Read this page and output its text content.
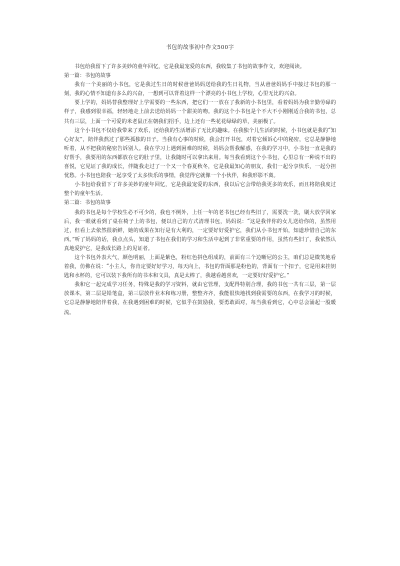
书包的故事初中作文500字

书包给我留下了许多美妙的童年回忆，它是我最宠爱的东西，我收集了书包的故事作文，欢迎阅读。

第一篇：书包的故事

我有一个美丽的小书包，它是我过生日的时候爸爸妈妈送给我的生日礼物，当从爸爸妈妈手中接过书包的那一刻，我的心情不知道有多么的兴奋，一想到可以背着这样一个漂亮的小书包上学校，心里无比的兴奋。

要上学的，妈妈替我整理好上学需要的一些东西，把它们一一放在了我新的小书包里，看着妈妈为我辛勤劳碌的样子，我感到很幸福，轻轻地走上前去送给妈妈一个甜美的吻。我的这个小书包是个不大不小刚刚适合我的书包，总共有三层，上面一个可爱的米老鼠正在朝我们招手，边上还有一些花花绿绿的草，美丽极了。

这个小书包不仅给我带来了欢乐，还给我的生活增添了无比的趣味。在我独个儿生活的时候，小书包就是我的“知心好友”，陪伴我熬过了那些孤独的日子。当我有心事的时候，我会打开书包，对着它倾诉心中的秘密，它总是静静地听着，从不把我的秘密告诉别人。我在学习上遇到困难的时候，妈妈会帮我解惑，在我的学习中，小书包一直是我的好帮手，我要用的东西都放在它的肚子里，让我随时可以拿出来用。每当我看到这个小书包，心里总有一种说不出的喜悦，它见证了我的成长，伴随我走过了一个又一个春夏秋冬，它是我最知心的朋友，我们一起分享快乐，一起分担忧愁。小书包也陪我一起享受了太多快乐的事情，我觉得它就像一个小伙伴，和我形影不离。

小书包给我留下了许多美妙的童年回忆，它是我最宠爱的东西，我以后它会带给我更多的欢乐，而且将陪我度过整个的童年生活。

第二篇：书包的故事

我的书包是每个学校生必不可少的，我也不例外，上任一年的老书包已经有些旧了，需要洗一洗，刷大放学回家后，我一眼就看到了桌在椅子上的书包，便以自己的方式清理书包，妈妈说：“这是我伴你的女儿送给你的，虽然用过，但看上去依然很新鲜，她的成果在知行是有大利的，一定要好好爱护它，我们从小书包开始，知道珍惜自己的东西。”听了妈妈的话，我点点头，知道了书包在我们的学习和生活中起到了非常重要的作用，虽然有些旧了，我依然认真地爱护它，是我成长路上的见证者。

这个书包外表大气，颜色明丽，上面是紫色，粉红色拼色组成的，前面有三个边晰尼的公主，咱们总是微笑地看着我，仿佛在说：“小主人，你肯定要好好学习，每天向上，书包的背面那是粉色的，背面有一个扣子，它是用来挂钥匙和水杯的，它可以装下我所有的书本和文具，真是太棒了，我越看越喜欢，一定要好好爱护它。”

我和它一起完成学习任务，特殊是我的学习资料，就由它管理，支配得特别合理，我的书包一共有三层，第一层放课本，第二层是铅笔盒，第三层放作业本和练习册，整整齐齐，我能很快地找到我需要的东西，在我学习的时候，它总是静静地陪伴着我，在我遇到困难的时候，它似乎在鼓励我，要勇敢面对，每当我看到它，心中总会涌起一股暖流。
